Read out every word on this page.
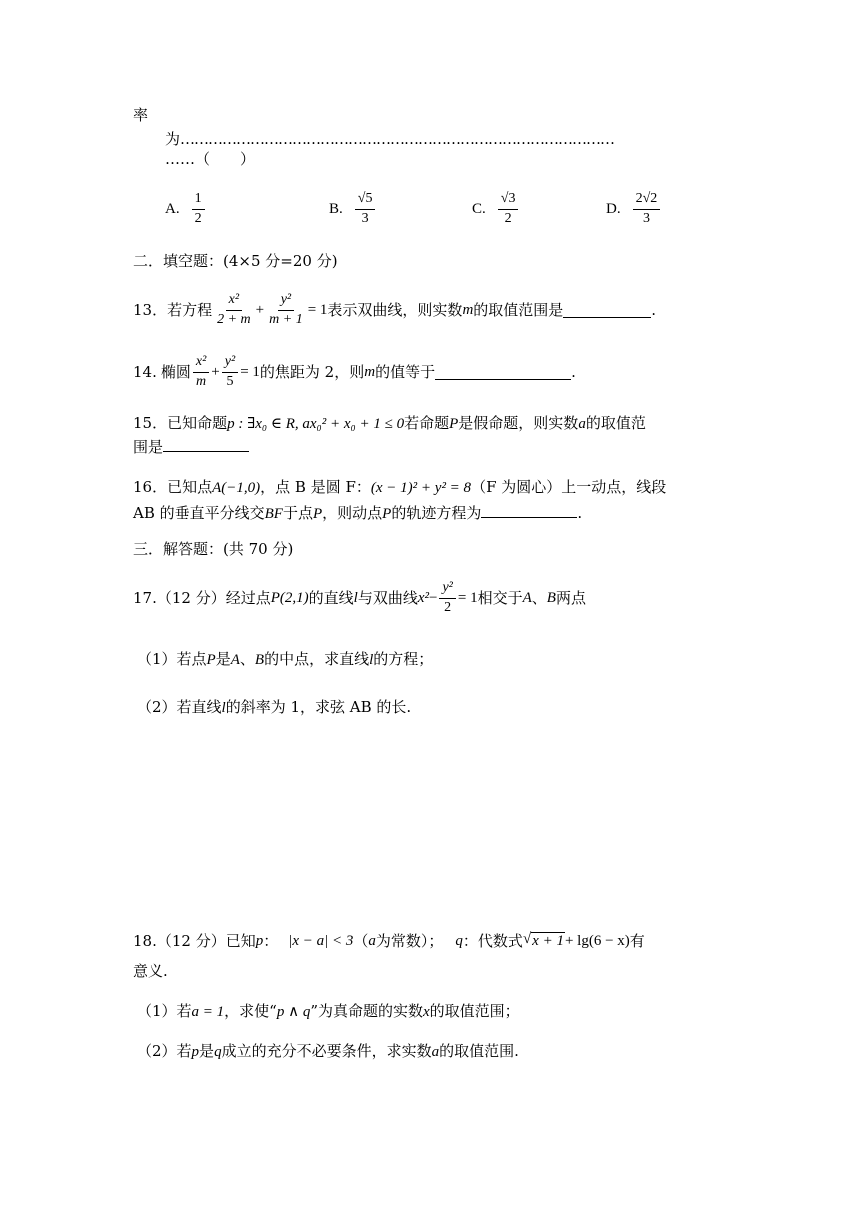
率
为…………………………………………………………………………………
……（　　）
A. $\frac{1}{2}$	B. $\frac{√5}{3}$	C. $\frac{√3}{2}$	D. $\frac{2√2}{3}$
二．填空题：(4×5 分=20 分)
13． 若方程 $\frac{\text{x²}}{2 + m} + \frac{\text{y²}}{m + 1} = 1$ 表示双曲线，则实数 m 的取值范围是	.
14. 椭圆 $\frac{\text{x²}}{m} + \frac{\text{y²}}{5} = 1$ 的焦距为 2，则 m 的值等于	.
15．已知命题p : ∃x₀ ∈ R, ax₀² + x₀ + 1 ≤ 0若命题P是假命题，则实数a的取值范
围是
16．已知点A(−1,0)，点 B 是圆 F：(x − 1)² + y² = 8（F 为圆心）上一动点，线段
AB 的垂直平分线交BF于点P，则动点P的轨迹方程为	.
三．解答题：(共 70 分)
17. （12 分）经过点 P(2,1) 的直线 l 与双曲线 $x^2 - \frac{\text{y²}}{2} = 1$ 相交于 A 、 B 两点
（1）若点P是A、B的中点，求直线l的方程；
（2）若直线l的斜率为 1，求弦 AB 的长.
18. （12 分）已知 p ： |x − a| < 3 （ a 为常数）； q ：代数式 √ x + 1 + lg(6 − x) 有
意义.
（1）若a = 1，求使“p ∧ q”为真命题的实数x的取值范围；
（2）若p是q成立的充分不必要条件，求实数a的取值范围.
